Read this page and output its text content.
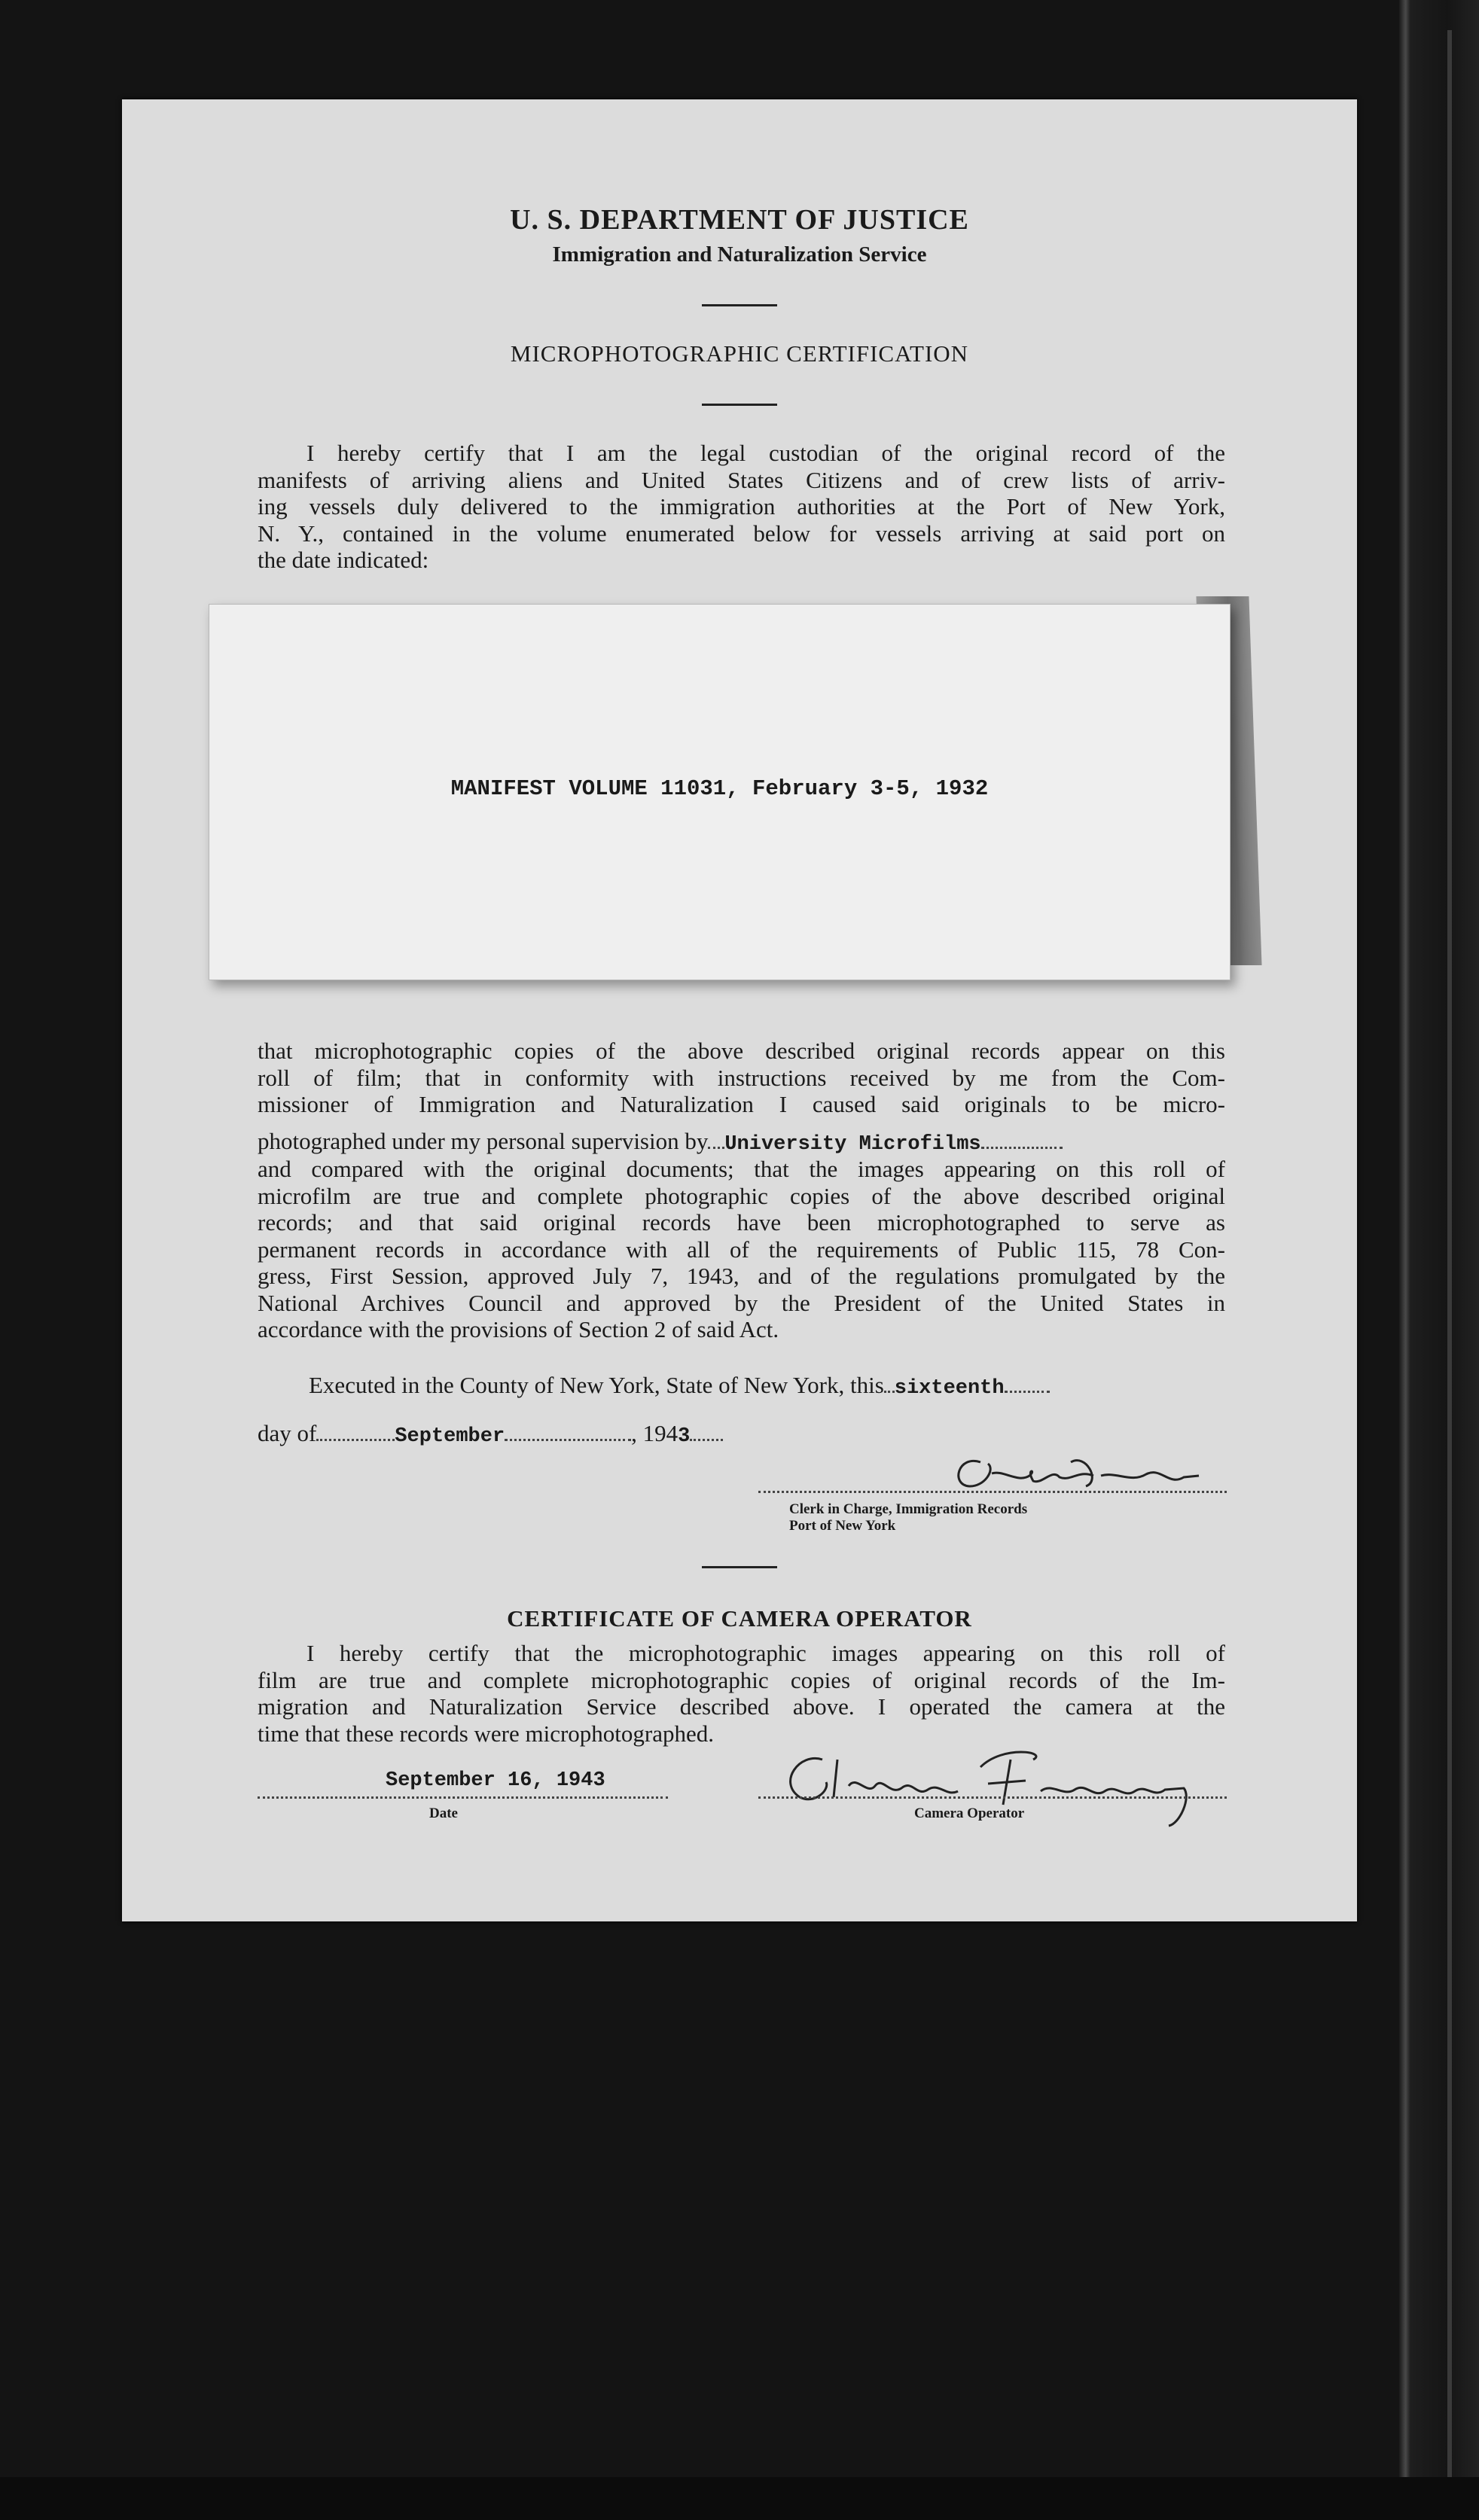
U. S. DEPARTMENT OF JUSTICE
Immigration and Naturalization Service
MICROPHOTOGRAPHIC CERTIFICATION
I hereby certify that I am the legal custodian of the original record of the
manifests of arriving aliens and United States Citizens and of crew lists of arriv-
ing vessels duly delivered to the immigration authorities at the Port of New York,
N. Y., contained in the volume enumerated below for vessels arriving at said port on
the date indicated:
MANIFEST VOLUME 11031, February 3-5, 1932
that microphotographic copies of the above described original records appear on this
roll of film; that in conformity with instructions received by me from the Com-
missioner of Immigration and Naturalization I caused said originals to be micro-
photographed under my personal supervision by University Microfilms
and compared with the original documents; that the images appearing on this roll of
microfilm are true and complete photographic copies of the above described original
records; and that said original records have been microphotographed to serve as
permanent records in accordance with all of the requirements of Public 115, 78 Con-
gress, First Session, approved July 7, 1943, and of the regulations promulgated by the
National Archives Council and approved by the President of the United States in
accordance with the provisions of Section 2 of said Act.
Executed in the County of New York, State of New York, this sixteenth
day of	September	, 1943
Clerk in Charge, Immigration Records
Port of New York
CERTIFICATE OF CAMERA OPERATOR
I hereby certify that the microphotographic images appearing on this roll of
film are true and complete microphotographic copies of original records of the Im-
migration and Naturalization Service described above. I operated the camera at the
time that these records were microphotographed.
September 16, 1943
Date	Camera Operator
